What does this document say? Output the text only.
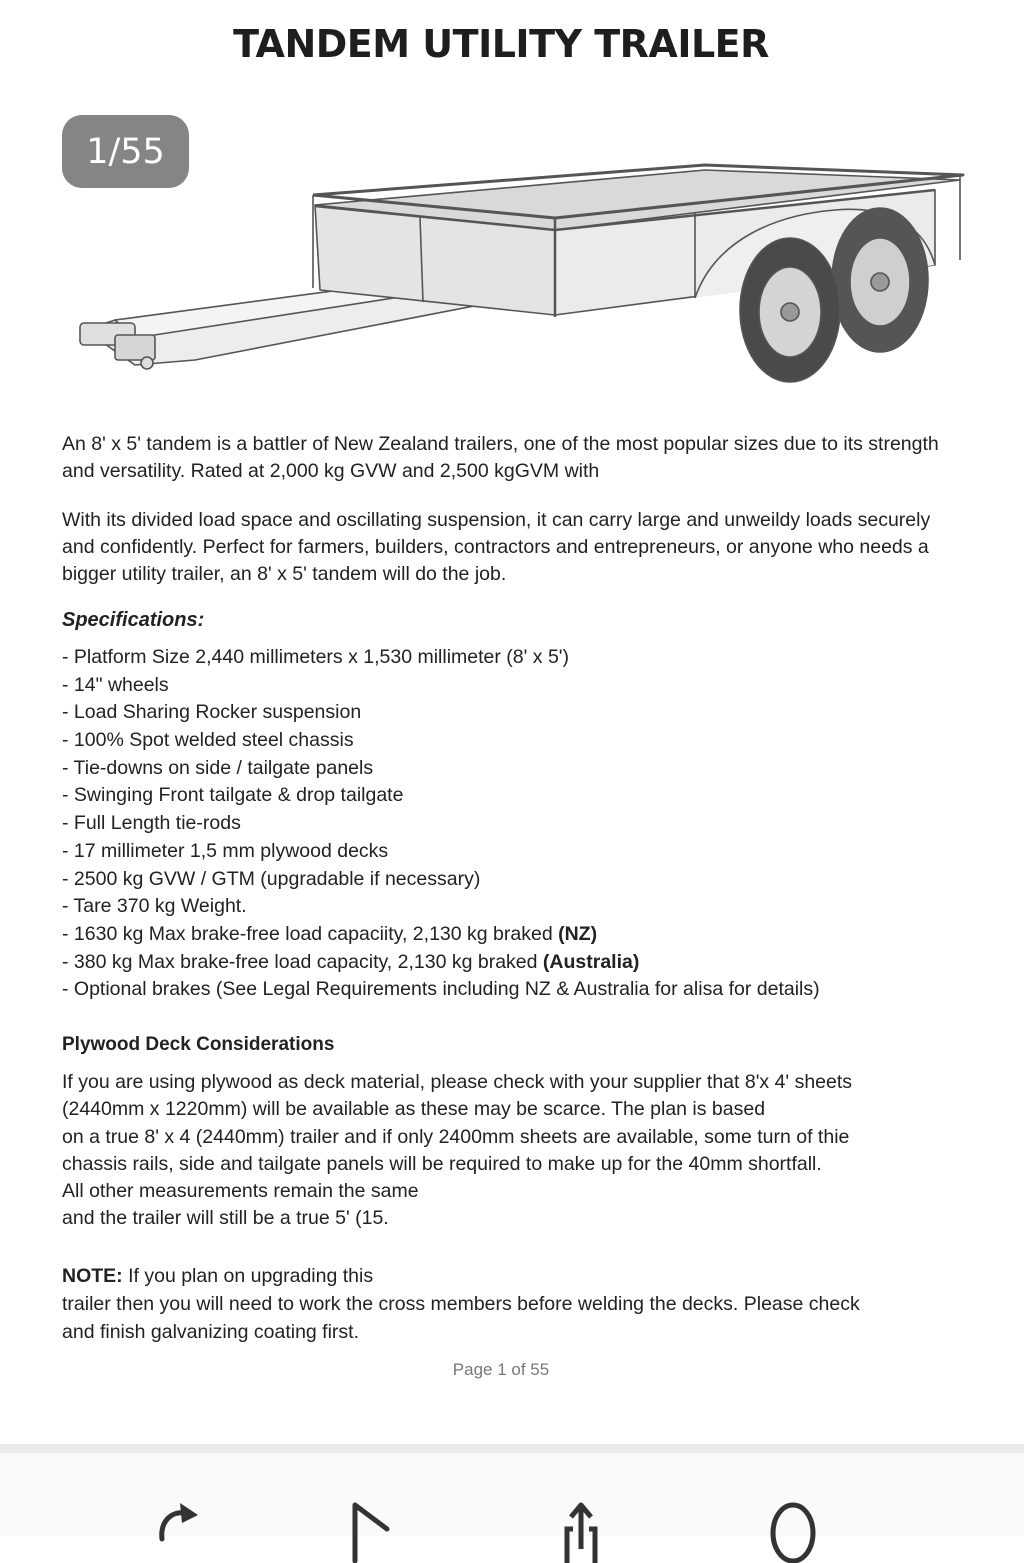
TANDEM UTILITY TRAILER
1/55

An 8' x 5' tandem is a battler of New Zealand trailers, one of the most popular sizes due to its strength and versatility. Rated at 2,000 kg GVW and 2,500 kgGVM with

With its divided load space and oscillating suspension, it can carry large and unweildy loads securely and confidently. Perfect for farmers, builders, contractors and entrepreneurs, or anyone who needs a bigger utility trailer, an 8' x 5' tandem will do the job.

Specifications:
- Platform Size 2,440 millimeters x 1,530 millimeter (8' x 5')
- 14" wheels
- Load Sharing Rocker suspension
- 100% Spot welded steel chassis
- Tie-downs on side / tailgate panels
- Swinging Front tailgate & drop tailgate
- Full Length tie-rods
- 17 millimeter 1,5 mm plywood decks
- 2500 kg GVW / GTM (upgradable if necessary)
- Tare 370 kg Weight.
- 1630 kg Max brake-free load capaciity, 2,130 kg braked (NZ)
- 380 kg Max brake-free load capacity, 2,130 kg braked (Australia)
- Optional brakes (See Legal Requirements including NZ & Australia for alisa for details)
Plywood Deck Considerations

If you are using plywood as deck material, please check with your supplier that 8'x 4' sheets

(2440mm x 1220mm) will be available as these may be scarce. The plan is based

on a true 8' x 4 (2440mm) trailer and if only 2400mm sheets are available, some turn of thie

chassis rails, side and tailgate panels will be required to make up for the 40mm shortfall.

All other measurements remain the same

and the trailer will still be a true 5' (15.

NOTE: If you plan on upgrading this

trailer then you will need to work the cross members before welding the decks. Please check

and finish galvanizing coating first.

Page 1 of 55
